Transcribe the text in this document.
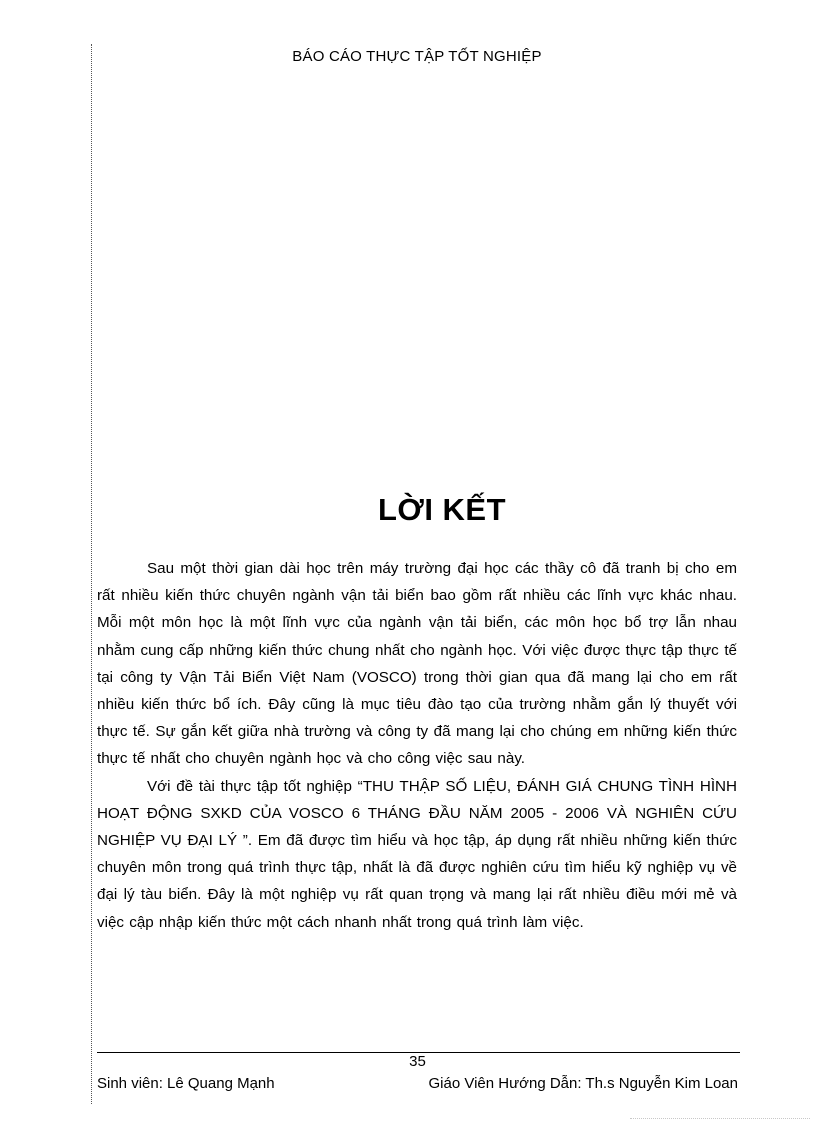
BÁO CÁO THỰC TẬP TỐT NGHIỆP
LỜI KẾT

Sau một thời gian dài học trên máy trường đại học các thầy cô đã tranh bị cho em rất nhiều kiến thức chuyên ngành vận tải biển bao gồm rất nhiều các lĩnh vực khác nhau. Mỗi một môn học là một lĩnh vực của ngành vận tải biển, các môn học bổ trợ lẫn nhau nhằm cung cấp những kiến thức chung nhất cho ngành học. Với việc được thực tập thực tế tại công ty Vận Tải Biển Việt Nam (VOSCO) trong thời gian qua đã mang lại cho em rất nhiều kiến thức bổ ích. Đây cũng là mục tiêu đào tạo của trường nhằm gắn lý thuyết với thực tế. Sự gắn kết giữa nhà trường và công ty đã mang lại cho chúng em những kiến thức thực tế nhất cho chuyên ngành học và cho công việc sau này.

Với đề tài thực tập tốt nghiệp “THU THẬP SỐ LIỆU, ĐÁNH GIÁ CHUNG TÌNH HÌNH HOẠT ĐỘNG SXKD CỦA VOSCO 6 THÁNG ĐẦU NĂM 2005 - 2006 VÀ NGHIÊN CỨU NGHIỆP VỤ ĐẠI LÝ ”. Em đã được tìm hiểu và học tập, áp dụng rất nhiều những kiến thức chuyên môn trong quá trình thực tập, nhất là đã được nghiên cứu tìm hiểu kỹ nghiệp vụ về đại lý tàu biển. Đây là một nghiệp vụ rất quan trọng và mang lại rất nhiều điều mới mẻ và việc cập nhập kiến thức một cách nhanh nhất trong quá trình làm việc.

35
Sinh viên: Lê Quang Mạnh	Giáo Viên Hướng Dẫn: Th.s Nguyễn Kim Loan
